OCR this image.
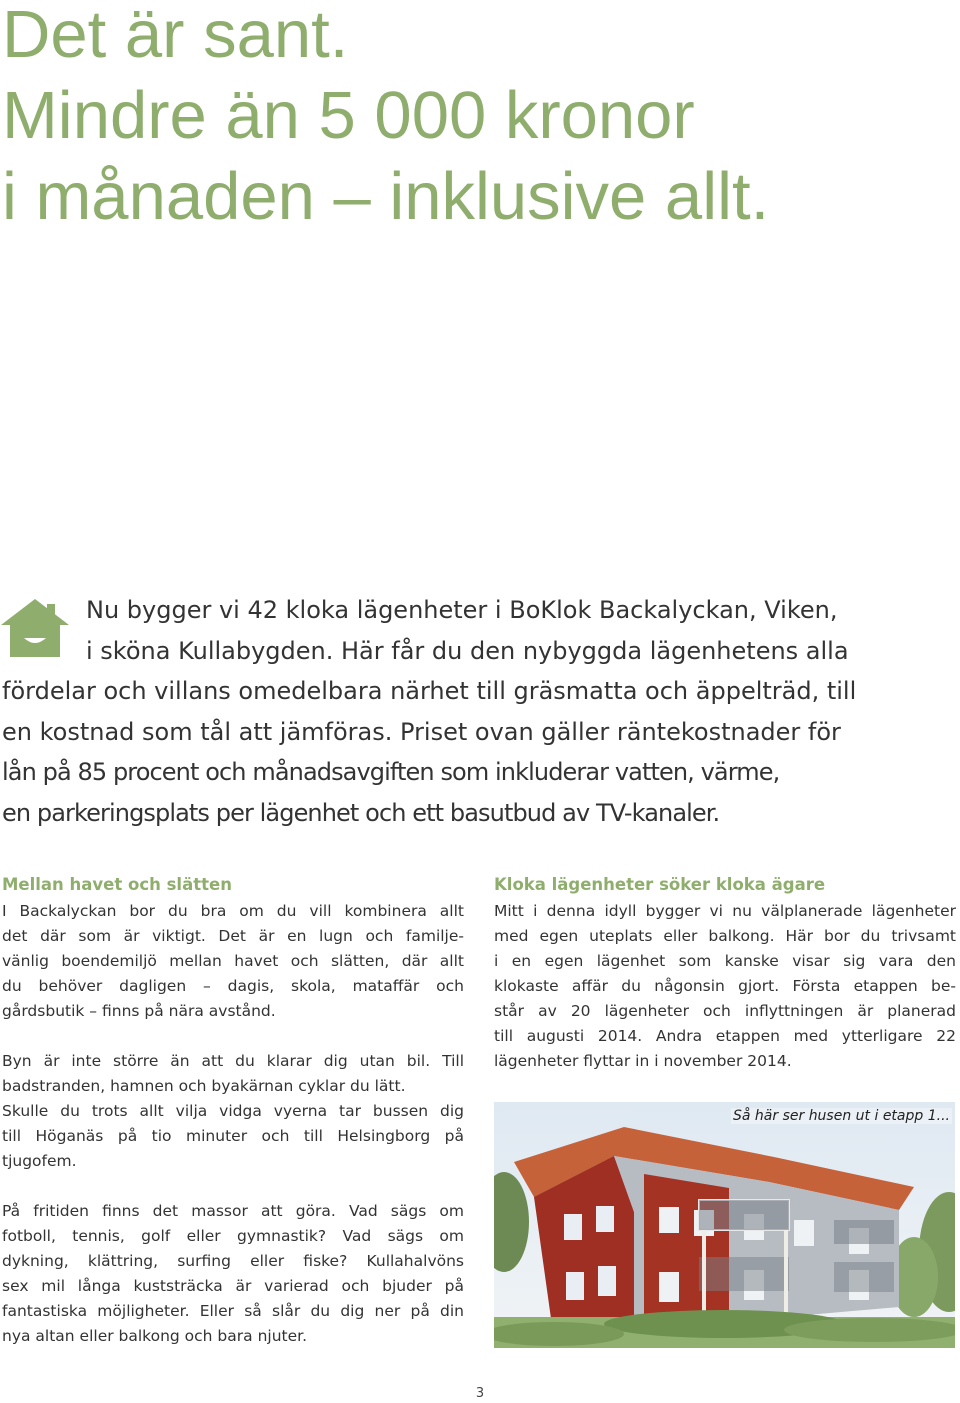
Det är sant.
Mindre än 5 000 kronor
i månaden – inklusive allt.

Nu bygger vi 42 kloka lägenheter i BoKlok Backalyckan, Viken,
i sköna Kullabygden. Här får du den nybyggda lägenhetens alla
fördelar och villans omedelbara närhet till gräsmatta och äppelträd, till
en kostnad som tål att jämföras. Priset ovan gäller räntekostnader för
lån på 85 procent och månadsavgiften som inkluderar vatten, värme,
en parkeringsplats per lägenhet och ett basutbud av TV-kanaler.

Mellan havet och slätten

I Backalyckan bor du bra om du vill kombinera allt
det där som är viktigt. Det är en lugn och familje-
vänlig boendemiljö mellan havet och slätten, där allt
du behöver dagligen – dagis, skola, mataffär och
gårdsbutik – finns på nära avstånd.

Byn är inte större än att du klarar dig utan bil. Till
badstranden, hamnen och byakärnan cyklar du lätt.
Skulle du trots allt vilja vidga vyerna tar bussen dig
till Höganäs på tio minuter och till Helsingborg på
tjugofem.

På fritiden finns det massor att göra. Vad sägs om
fotboll, tennis, golf eller gymnastik? Vad sägs om
dykning, klättring, surfing eller fiske? Kullahalvöns
sex mil långa kuststräcka är varierad och bjuder på
fantastiska möjligheter. Eller så slår du dig ner på din
nya altan eller balkong och bara njuter.

Kloka lägenheter söker kloka ägare

Mitt i denna idyll bygger vi nu välplanerade lägenheter
med egen uteplats eller balkong. Här bor du trivsamt
i en egen lägenhet som kanske visar sig vara den
klokaste affär du någonsin gjort. Första etappen be-
står av 20 lägenheter och inflyttningen är planerad
till augusti 2014. Andra etappen med ytterligare 22
lägenheter flyttar in i november 2014.

Så här ser husen ut i etapp 1...
3
